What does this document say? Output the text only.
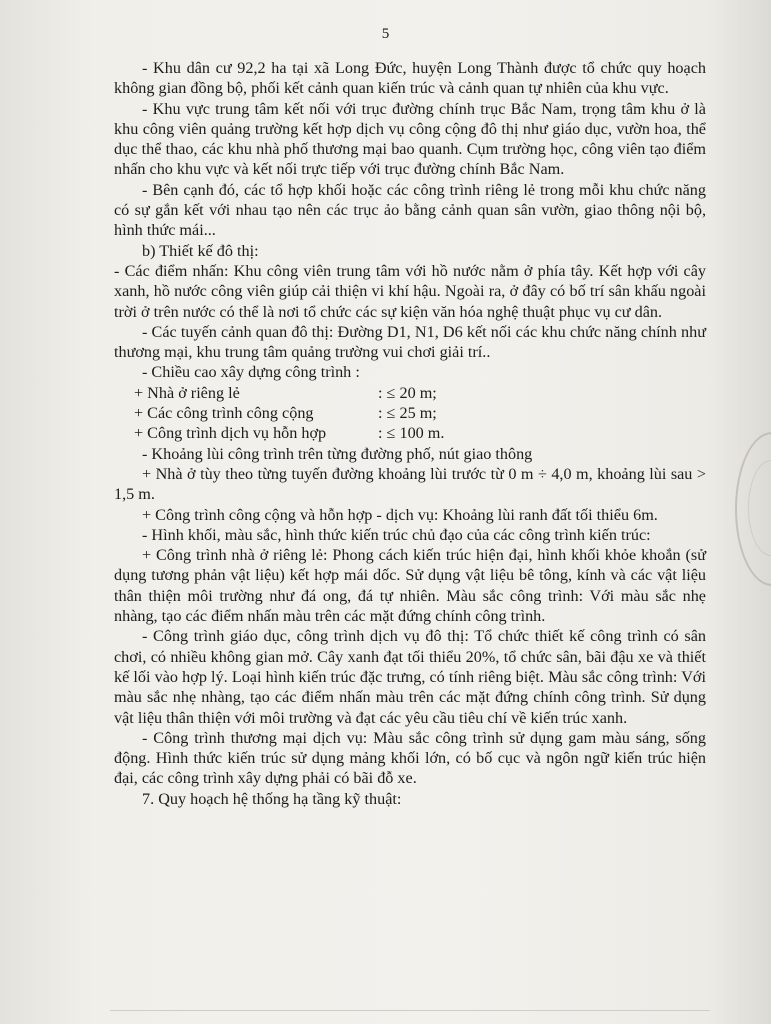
5

- Khu dân cư 92,2 ha tại xã Long Đức, huyện Long Thành được tổ chức quy hoạch không gian đồng bộ, phối kết cảnh quan kiến trúc và cảnh quan tự nhiên của khu vực.

- Khu vực trung tâm kết nối với trục đường chính trục Bắc Nam, trọng tâm khu ở là khu công viên quảng trường kết hợp dịch vụ công cộng đô thị như giáo dục, vườn hoa, thể dục thể thao, các khu nhà phố thương mại bao quanh. Cụm trường học, công viên tạo điểm nhấn cho khu vực và kết nối trực tiếp với trục đường chính Bắc Nam.

- Bên cạnh đó, các tổ hợp khối hoặc các công trình riêng lẻ trong mỗi khu chức năng có sự gắn kết với nhau tạo nên các trục ảo bằng cảnh quan sân vườn, giao thông nội bộ, hình thức mái...

b) Thiết kế đô thị:

- Các điểm nhấn: Khu công viên trung tâm với hồ nước nằm ở phía tây. Kết hợp với cây xanh, hồ nước công viên giúp cải thiện vi khí hậu. Ngoài ra, ở đây có bố trí sân khấu ngoài trời ở trên nước có thể là nơi tổ chức các sự kiện văn hóa nghệ thuật phục vụ cư dân.

- Các tuyến cảnh quan đô thị: Đường D1, N1, D6 kết nối các khu chức năng chính như thương mại, khu trung tâm quảng trường vui chơi giải trí..

- Chiều cao xây dựng công trình :

+ Nhà ở riêng lẻ	: ≤ 20 m;
+ Các công trình công cộng	: ≤ 25 m;
+ Công trình dịch vụ hỗn hợp	: ≤ 100 m.

- Khoảng lùi công trình trên từng đường phố, nút giao thông

+ Nhà ở tùy theo từng tuyến đường khoảng lùi trước từ 0 m ÷ 4,0 m, khoảng lùi sau > 1,5 m.

+ Công trình công cộng và hỗn hợp - dịch vụ: Khoảng lùi ranh đất tối thiểu 6m.

- Hình khối, màu sắc, hình thức kiến trúc chủ đạo của các công trình kiến trúc:

+ Công trình nhà ở riêng lẻ: Phong cách kiến trúc hiện đại, hình khối khỏe khoắn (sử dụng tương phản vật liệu) kết hợp mái dốc. Sử dụng vật liệu bê tông, kính và các vật liệu thân thiện môi trường như đá ong, đá tự nhiên. Màu sắc công trình: Với màu sắc nhẹ nhàng, tạo các điểm nhấn màu trên các mặt đứng chính công trình.

- Công trình giáo dục, công trình dịch vụ đô thị: Tổ chức thiết kế công trình có sân chơi, có nhiều không gian mở. Cây xanh đạt tối thiểu 20%, tổ chức sân, bãi đậu xe và thiết kế lối vào hợp lý. Loại hình kiến trúc đặc trưng, có tính riêng biệt. Màu sắc công trình: Với màu sắc nhẹ nhàng, tạo các điểm nhấn màu trên các mặt đứng chính công trình. Sử dụng vật liệu thân thiện với môi trường và đạt các yêu cầu tiêu chí về kiến trúc xanh.

- Công trình thương mại dịch vụ: Màu sắc công trình sử dụng gam màu sáng, sống động. Hình thức kiến trúc sử dụng mảng khối lớn, có bố cục và ngôn ngữ kiến trúc hiện đại, các công trình xây dựng phải có bãi đỗ xe.

7. Quy hoạch hệ thống hạ tầng kỹ thuật:
